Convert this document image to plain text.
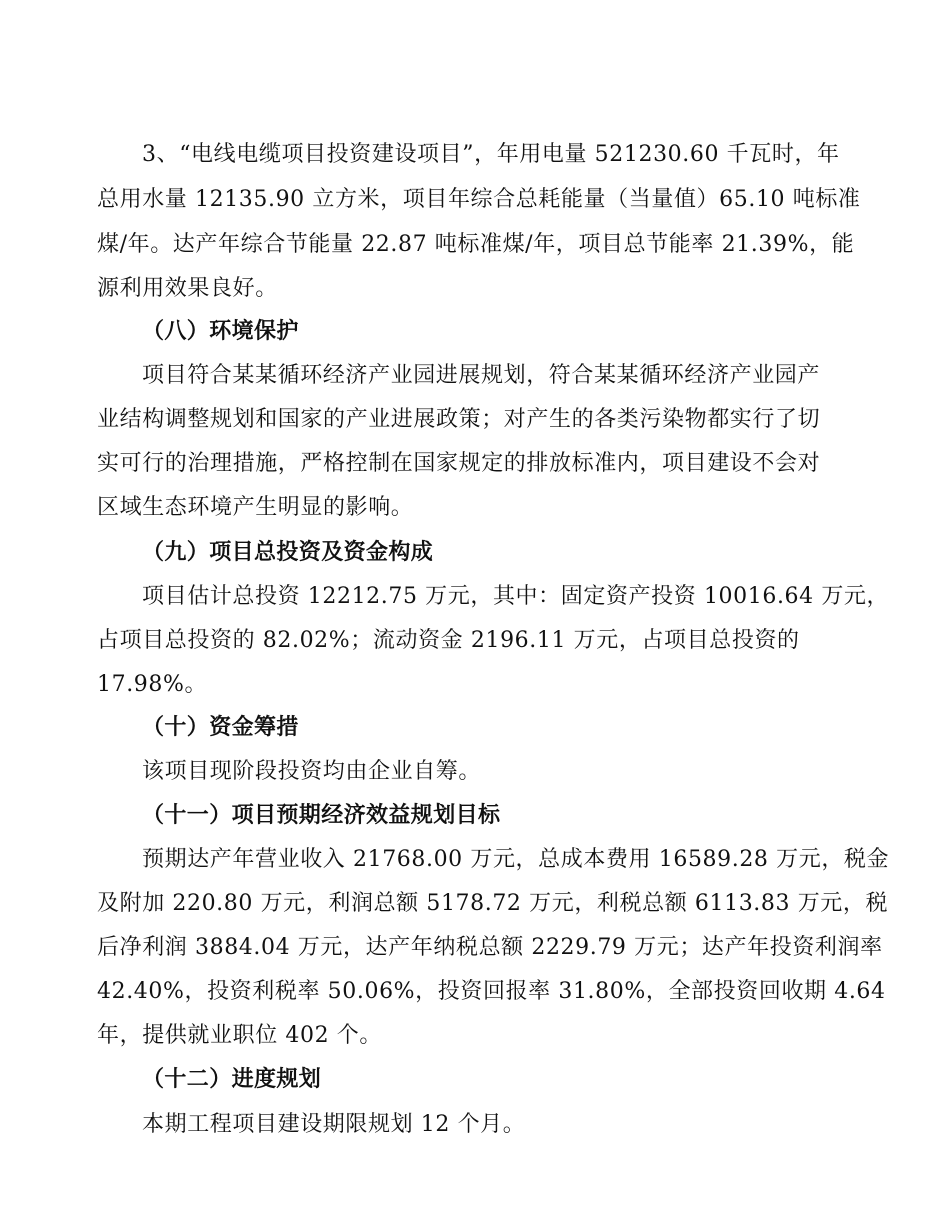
3、“电线电缆项目投资建设项目”，年用电量 521230.60 千瓦时，年
总用水量 12135.90 立方米，项目年综合总耗能量（当量值）65.10 吨标准
煤/年。达产年综合节能量 22.87 吨标准煤/年，项目总节能率 21.39%，能
源利用效果良好。
（八）环境保护
项目符合某某循环经济产业园进展规划，符合某某循环经济产业园产
业结构调整规划和国家的产业进展政策；对产生的各类污染物都实行了切
实可行的治理措施，严格控制在国家规定的排放标准内，项目建设不会对
区域生态环境产生明显的影响。
（九）项目总投资及资金构成
项目估计总投资 12212.75 万元，其中：固定资产投资 10016.64 万元，
占项目总投资的 82.02%；流动资金 2196.11 万元，占项目总投资的
17.98%。
（十）资金筹措
该项目现阶段投资均由企业自筹。
（十一）项目预期经济效益规划目标
预期达产年营业收入 21768.00 万元，总成本费用 16589.28 万元，税金
及附加 220.80 万元，利润总额 5178.72 万元，利税总额 6113.83 万元，税
后净利润 3884.04 万元，达产年纳税总额 2229.79 万元；达产年投资利润率
42.40%，投资利税率 50.06%，投资回报率 31.80%，全部投资回收期 4.64
年，提供就业职位 402 个。
（十二）进度规划
本期工程项目建设期限规划 12 个月。
